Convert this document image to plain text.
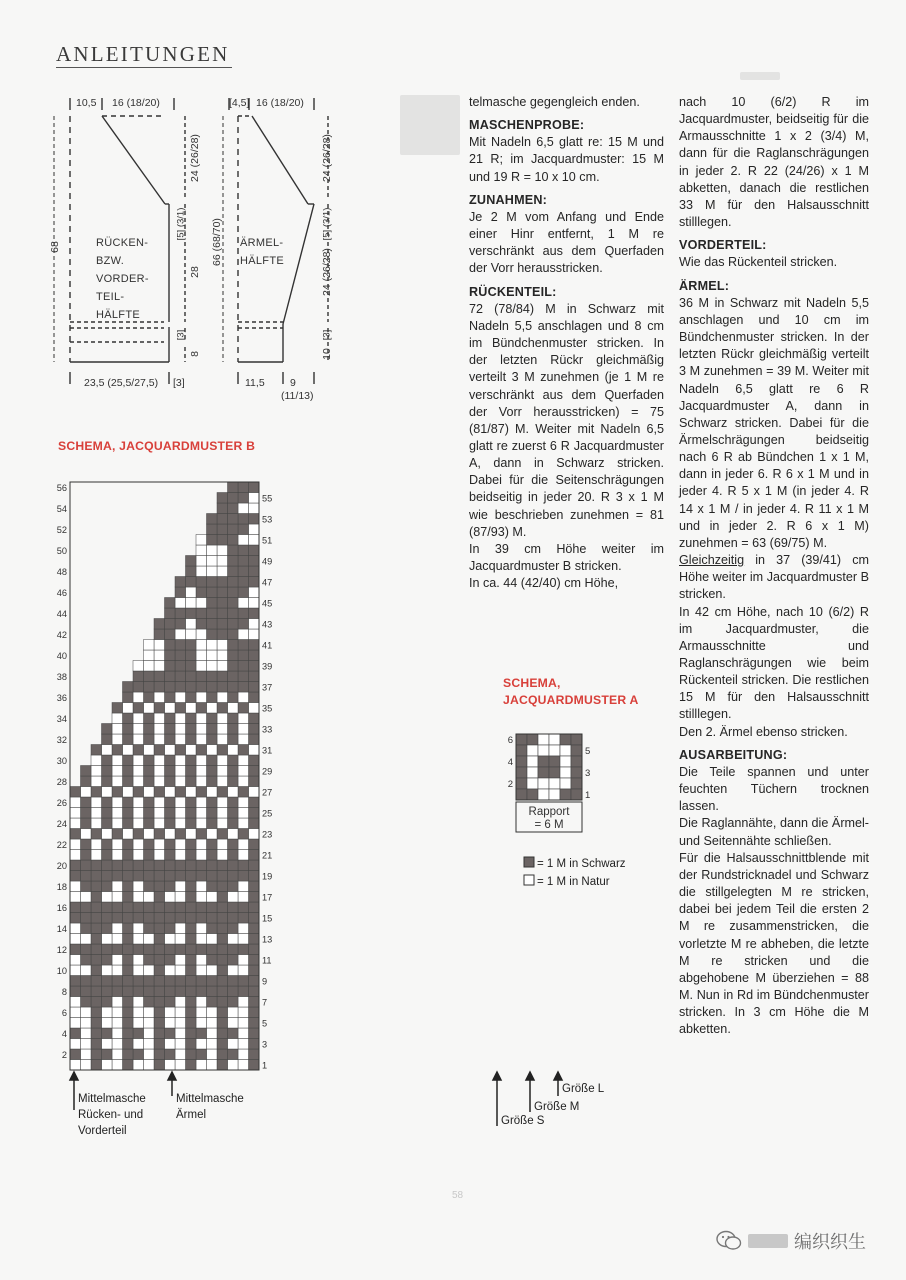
ANLEITUNGEN
10,5 16 (18/20)
68
24 (26/28)
[5] (3/1)
28
[3]
8
RÜCKEN-
BZW.
VORDER-
TEIL-
HÄLFTE
23,5 (25,5/27,5) [3]
[4,5] 16 (18/20)
66 (68/70)
24 (26/28)
[5] (3/1)
24 (26/28)
[3]
10
ÄRMEL-
HÄLFTE
11,5 9
(11/13)
SCHEMA, JACQUARDMUSTER B
2
4
6
8
10
12
14
16
18
20
22
24
26
28
30
32
34
36
38
40
42
44
46
48
50
52
54
56
1
3
5
7
9
11
13
15
17
19
21
23
25
27
29
31
33
35
37
39
41
43
45
47
49
51
53
55
Mittelmasche
Rücken- und
Vorderteil
Mittelmasche
Ärmel
Größe L
Größe M
Größe S
SCHEMA,
JACQUARDMUSTER A
6
4
2
5
3
1
Rapport
= 6 M
= 1 M in Schwarz
= 1 M in Natur

telmasche gegengleich enden.

MASCHENPROBE:

Mit Nadeln 6,5 glatt re: 15 M und 21 R; im Jacquardmuster: 15 M und 19 R = 10 x 10 cm.

ZUNAHMEN:

Je 2 M vom Anfang und Ende einer Hinr entfernt, 1 M re verschränkt aus dem Querfaden der Vorr herausstricken.

RÜCKENTEIL:

72 (78/84) M in Schwarz mit Nadeln 5,5 anschlagen und 8 cm im Bündchenmuster stricken. In der letzten Rückr gleichmäßig verteilt 3 M zunehmen (je 1 M re verschränkt aus dem Querfaden der Vorr herausstricken) = 75 (81/87) M. Weiter mit Nadeln 6,5 glatt re zuerst 6 R Jacquardmuster A, dann in Schwarz stricken. Dabei für die Seitenschrägungen beidseitig in jeder 20. R 3 x 1 M wie beschrieben zunehmen = 81 (87/93) M.

In 39 cm Höhe weiter im Jacquardmuster B stricken.

In ca. 44 (42/40) cm Höhe,

nach 10 (6/2) R im Jacquardmuster, beidseitig für die Armausschnitte 1 x 2 (3/4) M, dann für die Raglanschrägungen in jeder 2. R 22 (24/26) x 1 M abketten, danach die restlichen 33 M für den Halsausschnitt stilllegen.

VORDERTEIL:

Wie das Rückenteil stricken.

ÄRMEL:

36 M in Schwarz mit Nadeln 5,5 anschlagen und 10 cm im Bündchenmuster stricken. In der letzten Rückr gleichmäßig verteilt 3 M zunehmen = 39 M. Weiter mit Nadeln 6,5 glatt re 6 R Jacquardmuster A, dann in Schwarz stricken. Dabei für die Ärmelschrägungen beidseitig nach 6 R ab Bündchen 1 x 1 M, dann in jeder 6. R 6 x 1 M und in jeder 4. R 5 x 1 M (in jeder 4. R 14 x 1 M / in jeder 4. R 11 x 1 M und in jeder 2. R 6 x 1 M) zunehmen = 63 (69/75) M.

Gleichzeitig in 37 (39/41) cm Höhe weiter im Jacquardmuster B stricken.

In 42 cm Höhe, nach 10 (6/2) R im Jacquardmuster, die Armausschnitte und Raglanschrägungen wie beim Rückenteil stricken. Die restlichen 15 M für den Halsausschnitt stilllegen.

Den 2. Ärmel ebenso stricken.

AUSARBEITUNG:

Die Teile spannen und unter feuchten Tüchern trocknen lassen.

Die Raglannähte, dann die Ärmel- und Seitennähte schließen.

Für die Halsausschnittblende mit der Rundstricknadel und Schwarz die stillgelegten M re stricken, dabei bei jedem Teil die ersten 2 M re zusammenstricken, die vorletzte M re abheben, die letzte M re stricken und die abgehobene M überziehen = 88 M. Nun in Rd im Bündchenmuster stricken. In 3 cm Höhe die M abketten.

58
编织织生
